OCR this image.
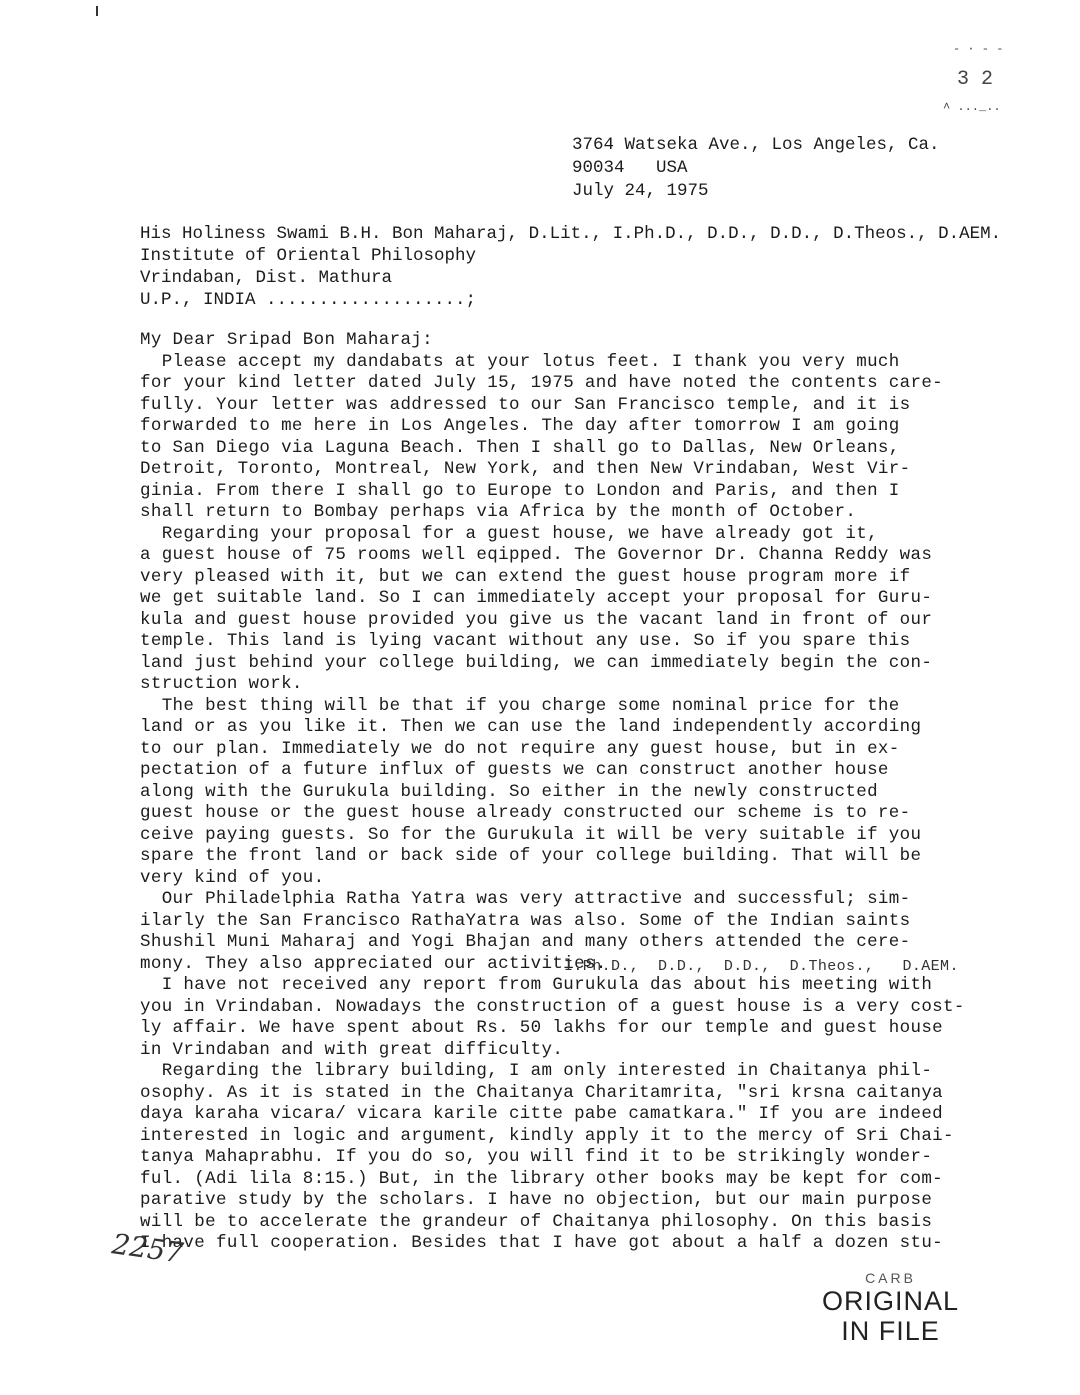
- · - -
3 2
˄ ..._..
3764 Watseka Ave., Los Angeles, Ca.
90034   USA
July 24, 1975
His Holiness Swami B.H. Bon Maharaj, D.Lit., I.Ph.D., D.D., D.D., D.Theos., D.AEM.
Institute of Oriental Philosophy
Vrindaban, Dist. Mathura
U.P., INDIA ...................;
My Dear Sripad Bon Maharaj:
Please accept my dandabats at your lotus feet. I thank you very much
for your kind letter dated July 15, 1975 and have noted the contents care-
fully. Your letter was addressed to our San Francisco temple, and it is
forwarded to me here in Los Angeles. The day after tomorrow I am going
to San Diego via Laguna Beach. Then I shall go to Dallas, New Orleans,
Detroit, Toronto, Montreal, New York, and then New Vrindaban, West Vir-
ginia. From there I shall go to Europe to London and Paris, and then I
shall return to Bombay perhaps via Africa by the month of October.
Regarding your proposal for a guest house, we have already got it,
a guest house of 75 rooms well eqipped. The Governor Dr. Channa Reddy was
very pleased with it, but we can extend the guest house program more if
we get suitable land. So I can immediately accept your proposal for Guru-
kula and guest house provided you give us the vacant land in front of our
temple. This land is lying vacant without any use. So if you spare this
land just behind your college building, we can immediately begin the con-
struction work.
The best thing will be that if you charge some nominal price for the
land or as you like it. Then we can use the land independently according
to our plan. Immediately we do not require any guest house, but in ex-
pectation of a future influx of guests we can construct another house
along with the Gurukula building. So either in the newly constructed
guest house or the guest house already constructed our scheme is to re-
ceive paying guests. So for the Gurukula it will be very suitable if you
spare the front land or back side of your college building. That will be
very kind of you.
Our Philadelphia Ratha Yatra was very attractive and successful; sim-
ilarly the San Francisco RathaYatra was also. Some of the Indian saints
Shushil Muni Maharaj and Yogi Bhajan and many others attended the cere-
mony. They also appreciated our activities.
I have not received any report from Gurukula das about his meeting with
you in Vrindaban. Nowadays the construction of a guest house is a very cost-
ly affair. We have spent about Rs. 50 lakhs for our temple and guest house
in Vrindaban and with great difficulty.
Regarding the library building, I am only interested in Chaitanya phil-
osophy. As it is stated in the Chaitanya Charitamrita, "sri krsna caitanya
daya karaha vicara/ vicara karile citte pabe camatkara." If you are indeed
interested in logic and argument, kindly apply it to the mercy of Sri Chai-
tanya Mahaprabhu. If you do so, you will find it to be strikingly wonder-
ful. (Adi lila 8:15.) But, in the library other books may be kept for com-
parative study by the scholars. I have no objection, but our main purpose
will be to accelerate the grandeur of Chaitanya philosophy. On this basis
I have full cooperation. Besides that I have got about a half a dozen stu-
I.Ph.D.,  D.D.,  D.D.,  D.Theos.,   D.AEM.
2257
CARB
ORIGINAL
IN FILE
